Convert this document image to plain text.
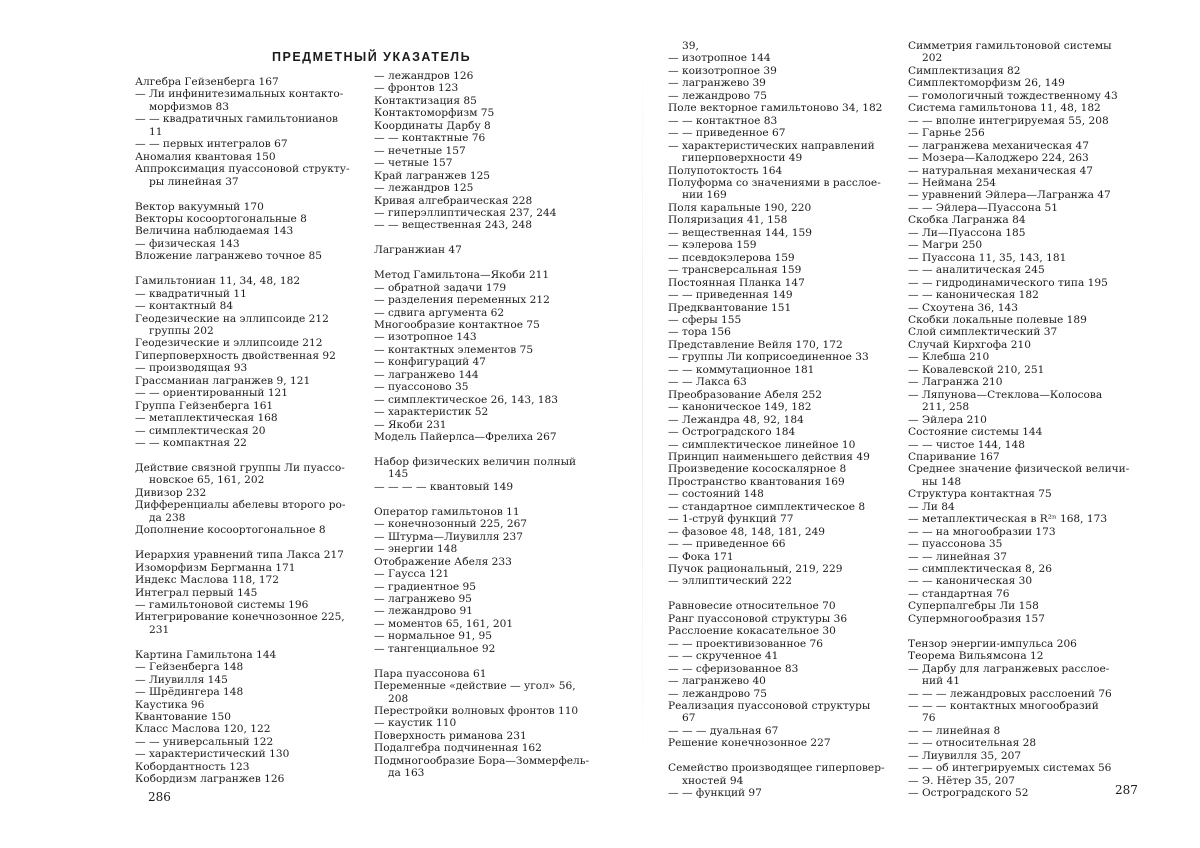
ПРЕДМЕТНЫЙ УКАЗАТЕЛЬ
Алгебра Гейзенберга 167
— Ли инфинитезимальных контакто-
морфизмов 83
— — квадратичных гамильтонианов
11
— — первых интегралов 67
Аномалия квантовая 150
Аппроксимация пуассоновой структу-
ры линейная 37
Вектор вакуумный 170
Векторы косоортогональные 8
Величина наблюдаемая 143
— физическая 143
Вложение лагранжево точное 85
Гамильтониан 11, 34, 48, 182
— квадратичный 11
— контактный 84
Геодезические на эллипсоиде 212
группы 202
Геодезические и эллипсоиде 212
Гиперповерхность двойственная 92
— производящая 93
Грассманиан лагранжев 9, 121
— — ориентированный 121
Группа Гейзенберга 161
— метаплектическая 168
— симплектическая 20
— — компактная 22
Действие связной группы Ли пуассо-
новское 65, 161, 202
Дивизор 232
Дифференциалы абелевы второго ро-
да 238
Дополнение косоортогональное 8
Иерархия уравнений типа Лакса 217
Изоморфизм Бергманна 171
Индекс Маслова 118, 172
Интеграл первый 145
— гамильтоновой системы 196
Интегрирование конечнозонное 225,
231
Картина Гамильтона 144
— Гейзенберга 148
— Лиувилля 145
— Шрёдингера 148
Каустика 96
Квантование 150
Класс Маслова 120, 122
— — универсальный 122
— характеристический 130
Кобордантность 123
Кобордизм лагранжев 126
— лежандров 126
— фронтов 123
Контактизация 85
Контактоморфизм 75
Координаты Дарбу 8
— — контактные 76
— нечетные 157
— четные 157
Край лагранжев 125
— лежандров 125
Кривая алгебраическая 228
— гиперэллиптическая 237, 244
— — вещественная 243, 248
Лагранжиан 47
Метод Гамильтона—Якоби 211
— обратной задачи 179
— разделения переменных 212
— сдвига аргумента 62
Многообразие контактное 75
— изотропное 143
— контактных элементов 75
— конфигураций 47
— лагранжево 144
— пуассоново 35
— симплектическое 26, 143, 183
— характеристик 52
— Якоби 231
Модель Пайерлса—Фрелиха 267
Набор физических величин полный
145
— — — — квантовый 149
Оператор гамильтонов 11
— конечнозонный 225, 267
— Штурма—Лиувилля 237
— энергии 148
Отображение Абеля 233
— Гаусса 121
— градиентное 95
— лагранжево 95
— лежандрово 91
— моментов 65, 161, 201
— нормальное 91, 95
— тангенциальное 92
Пара пуассонова 61
Переменные «действие — угол» 56,
208
Перестройки волновых фронтов 110
— каустик 110
Поверхность риманова 231
Подалгебра подчиненная 162
Подмногообразие Бора—Зоммерфель-
да 163
39,
— изотропное 144
— коизотропное 39
— лагранжево 39
— лежандрово 75
Поле векторное гамильтоново 34, 182
— — контактное 83
— — приведенное 67
— характеристических направлений
гиперповерхности 49
Полупотоктость 164
Полуформа со значениями в расслое-
нии 169
Поля каральные 190, 220
Поляризация 41, 158
— вещественная 144, 159
— кэлерова 159
— псевдокэлерова 159
— трансверсальная 159
Постоянная Планка 147
— — приведенная 149
Предквантование 151
— сферы 155
— тора 156
Представление Вейля 170, 172
— группы Ли коприсоединенное 33
— — коммутационное 181
— — Лакса 63
Преобразование Абеля 252
— каноническое 149, 182
— Лежандра 48, 92, 184
— Остроградского 184
— симплектическое линейное 10
Принцип наименьшего действия 49
Произведение кососкалярное 8
Пространство квантования 169
— состояний 148
— стандартное симплектическое 8
— 1-струй функций 77
— фазовое 48, 148, 181, 249
— — приведенное 66
— Фока 171
Пучок рациональный, 219, 229
— эллиптический 222
Равновесие относительное 70
Ранг пуассоновой структуры 36
Расслоение кокасательное 30
— — проективизованное 76
— — скрученное 41
— — сферизованное 83
— лагранжево 40
— лежандрово 75
Реализация пуассоновой структуры
67
— — — дуальная 67
Решение конечнозонное 227
Семейство производящее гиперповер-
хностей 94
— — функций 97
Симметрия гамильтоновой системы
202
Симплектизация 82
Симплектоморфизм 26, 149
— гомологичный тождественному 43
Система гамильтонова 11, 48, 182
— — вполне интегрируемая 55, 208
— Гарнье 256
— лагранжева механическая 47
— Мозера—Калоджеро 224, 263
— натуральная механическая 47
— Неймана 254
— уравнений Эйлера—Лагранжа 47
— — Эйлера—Пуассона 51
Скобка Лагранжа 84
— Ли—Пуассона 185
— Магри 250
— Пуассона 11, 35, 143, 181
— — аналитическая 245
— — гидродинамического типа 195
— — каноническая 182
— Схоутена 36, 143
Скобки локальные полевые 189
Слой симплектический 37
Случай Кирхгофа 210
— Клебша 210
— Ковалевской 210, 251
— Лагранжа 210
— Ляпунова—Стеклова—Колосова
211, 258
— Эйлера 210
Состояние системы 144
— — чистое 144, 148
Спаривание 167
Среднее значение физической величи-
ны 148
Структура контактная 75
— Ли 84
— метаплектическая в R²ⁿ 168, 173
— — на многообразии 173
— пуассонова 35
— — линейная 37
— симплектическая 8, 26
— — каноническая 30
— стандартная 76
Суперпалгебры Ли 158
Супермногообразия 157
Тензор энергии-импульса 206
Теорема Вильямсона 12
— Дарбу для лагранжевых расслое-
ний 41
— — — лежандровых расслоений 76
— — — контактных многообразий
76
— — линейная 8
— — относительная 28
— Лиувилля 35, 207
— — об интегрируемых системах 56
— Э. Нётер 35, 207
— Остроградского 52
286	287
